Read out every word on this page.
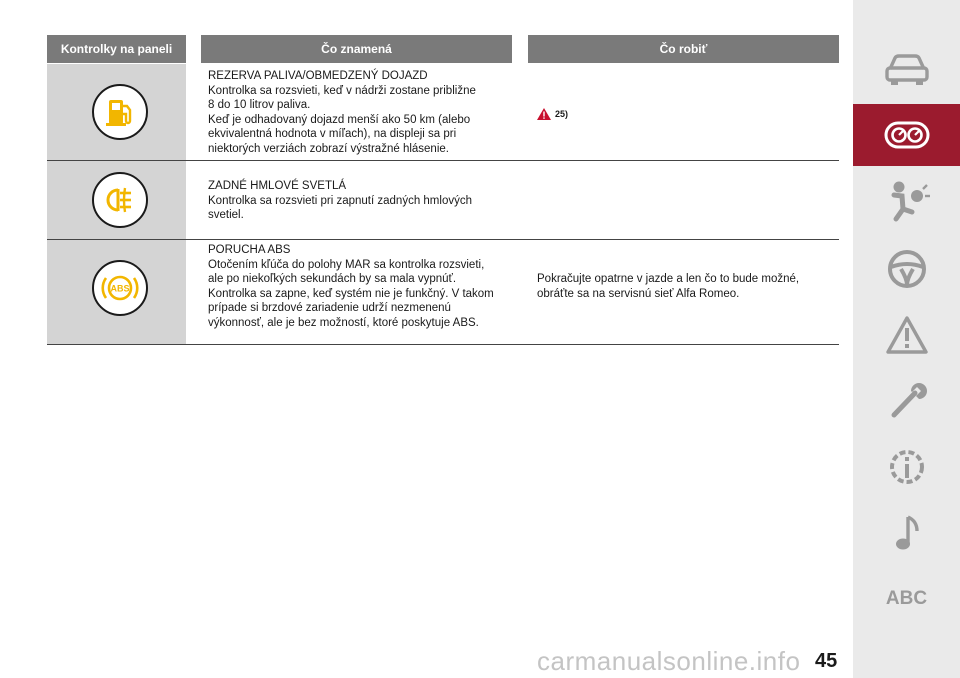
Kontrolky na paneli	Čo znamená	Čo robiť
REZERVA PALIVA/OBMEDZENÝ DOJAZD
Kontrolka sa rozsvieti, keď v nádrži zostane približne
8 do 10 litrov paliva.
Keď je odhadovaný dojazd menší ako 50 km (alebo
ekvivalentná hodnota v míľach), na displeji sa pri
niektorých verziách zobrazí výstražné hlásenie.
25)
ZADNÉ HMLOVÉ SVETLÁ
Kontrolka sa rozsvieti pri zapnutí zadných hmlových
svetiel.
ABS
PORUCHA ABS
Otočením kľúča do polohy MAR sa kontrolka rozsvieti,
ale po niekoľkých sekundách by sa mala vypnúť.
Kontrolka sa zapne, keď systém nie je funkčný. V takom
prípade si brzdové zariadenie udrží nezmenenú
výkonnosť, ale je bez možností, ktoré poskytuje ABS.
Pokračujte opatrne v jazde a len čo to bude možné,
obráťte sa na servisnú sieť Alfa Romeo.
ABC
carmanualsonline.info 45
